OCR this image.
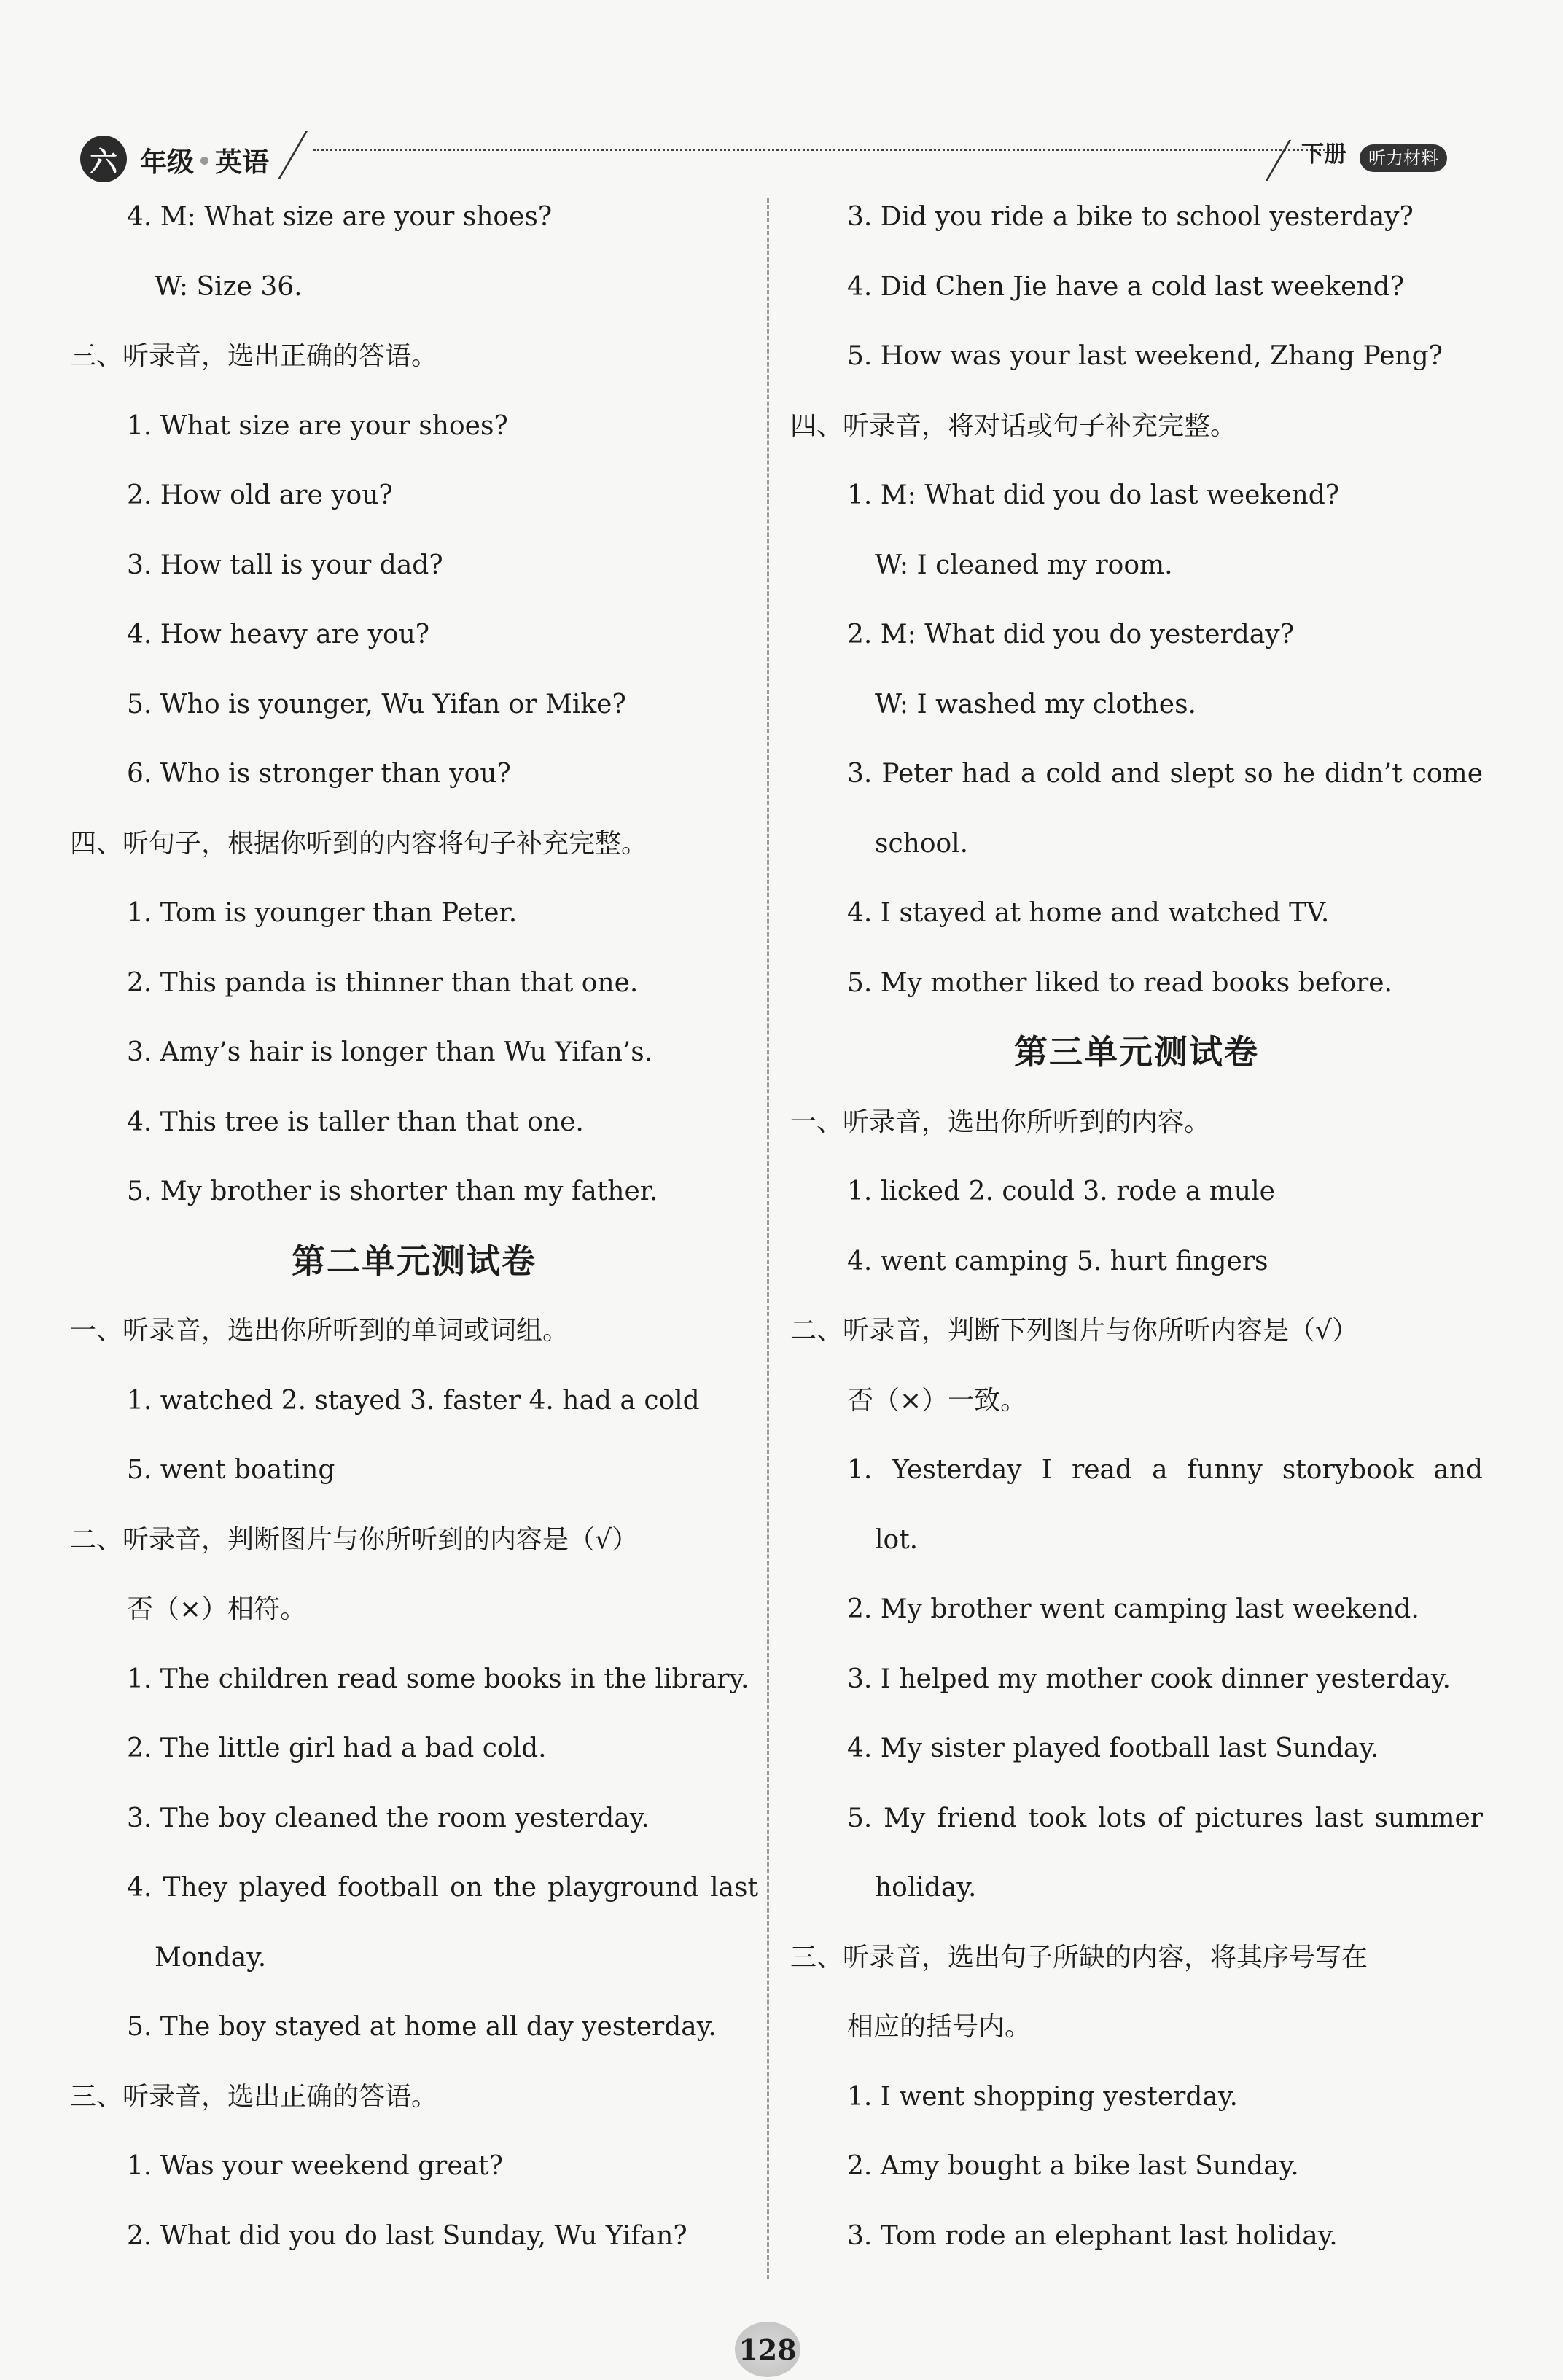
六 年级 英语	下册	听力材料
4. M: What size are your shoes?
W: Size 36.
三、听录音，选出正确的答语。
1. What size are your shoes?
2. How old are you?
3. How tall is your dad?
4. How heavy are you?
5. Who is younger, Wu Yifan or Mike?
6. Who is stronger than you?
四、听句子，根据你听到的内容将句子补充完整。
1. Tom is younger than Peter.
2. This panda is thinner than that one.
3. Amy’s hair is longer than Wu Yifan’s.
4. This tree is taller than that one.
5. My brother is shorter than my father.
第二单元测试卷
一、听录音，选出你所听到的单词或词组。
1. watched 2. stayed 3. faster 4. had a cold
5. went boating
二、听录音，判断图片与你所听到的内容是（√）
否（×）相符。
1. The children read some books in the library.
2. The little girl had a bad cold.
3. The boy cleaned the room yesterday.
4. They played football on the playground last
Monday.
5. The boy stayed at home all day yesterday.
三、听录音，选出正确的答语。
1. Was your weekend great?
2. What did you do last Sunday, Wu Yifan?
3. Did you ride a bike to school yesterday?
4. Did Chen Jie have a cold last weekend?
5. How was your last weekend, Zhang Peng?
四、听录音，将对话或句子补充完整。
1. M: What did you do last weekend?
W: I cleaned my room.
2. M: What did you do yesterday?
W: I washed my clothes.
3. Peter had a cold and slept so he didn’t come
school.
4. I stayed at home and watched TV.
5. My mother liked to read books before.
第三单元测试卷
一、听录音，选出你所听到的内容。
1. licked 2. could 3. rode a mule
4. went camping 5. hurt fingers
二、听录音，判断下列图片与你所听内容是（√）
否（×）一致。
1. Yesterday I read a funny storybook and
lot.
2. My brother went camping last weekend.
3. I helped my mother cook dinner yesterday.
4. My sister played football last Sunday.
5. My friend took lots of pictures last summer
holiday.
三、听录音，选出句子所缺的内容，将其序号写在
相应的括号内。
1. I went shopping yesterday.
2. Amy bought a bike last Sunday.
3. Tom rode an elephant last holiday.
128
